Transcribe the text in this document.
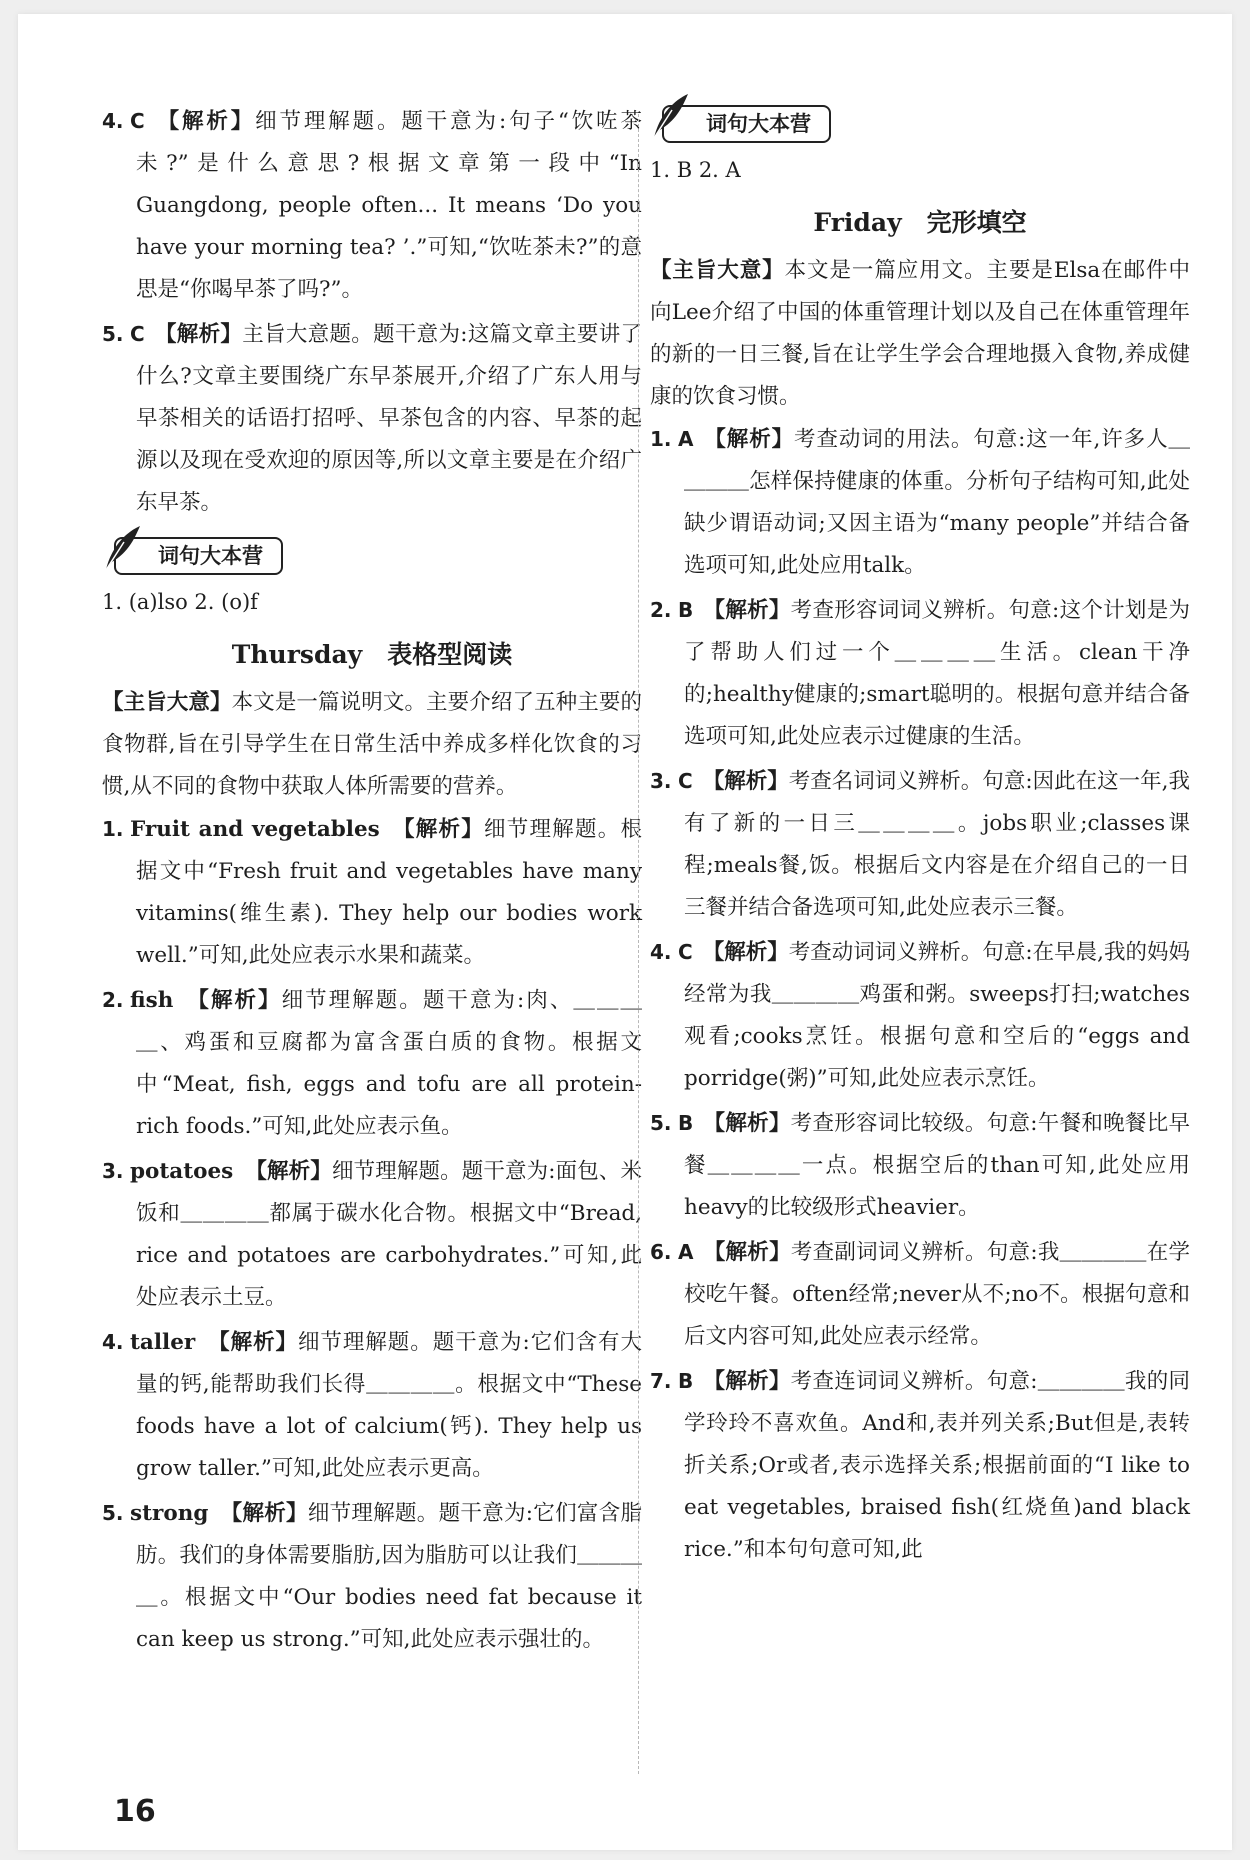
4. C 【解析】细节理解题。题干意为:句子“饮咗茶未?”是什么意思?根据文章第一段中“In Guangdong, people often... It means ‘Do you have your morning tea? ’.”可知,“饮咗茶未?”的意思是“你喝早茶了吗?”。

5. C 【解析】主旨大意题。题干意为:这篇文章主要讲了什么?文章主要围绕广东早茶展开,介绍了广东人用与早茶相关的话语打招呼、早茶包含的内容、早茶的起源以及现在受欢迎的原因等,所以文章主要是在介绍广东早茶。

词句大本营
1. (a)lso 2. (o)f
Thursday　表格型阅读

【主旨大意】本文是一篇说明文。主要介绍了五种主要的食物群,旨在引导学生在日常生活中养成多样化饮食的习惯,从不同的食物中获取人体所需要的营养。

1. Fruit and vegetables 【解析】细节理解题。根据文中“Fresh fruit and vegetables have many vitamins(维生素). They help our bodies work well.”可知,此处应表示水果和蔬菜。

2. fish 【解析】细节理解题。题干意为:肉、＿＿＿＿、鸡蛋和豆腐都为富含蛋白质的食物。根据文中“Meat, fish, eggs and tofu are all protein-rich foods.”可知,此处应表示鱼。

3. potatoes 【解析】细节理解题。题干意为:面包、米饭和＿＿＿＿都属于碳水化合物。根据文中“Bread, rice and potatoes are carbohydrates.”可知,此处应表示土豆。

4. taller 【解析】细节理解题。题干意为:它们含有大量的钙,能帮助我们长得＿＿＿＿。根据文中“These foods have a lot of calcium(钙). They help us grow taller.”可知,此处应表示更高。

5. strong 【解析】细节理解题。题干意为:它们富含脂肪。我们的身体需要脂肪,因为脂肪可以让我们＿＿＿＿。根据文中“Our bodies need fat because it can keep us strong.”可知,此处应表示强壮的。

词句大本营
1. B 2. A
Friday　完形填空

【主旨大意】本文是一篇应用文。主要是Elsa在邮件中向Lee介绍了中国的体重管理计划以及自己在体重管理年的新的一日三餐,旨在让学生学会合理地摄入食物,养成健康的饮食习惯。

1. A 【解析】考查动词的用法。句意:这一年,许多人＿＿＿＿怎样保持健康的体重。分析句子结构可知,此处缺少谓语动词;又因主语为“many people”并结合备选项可知,此处应用talk。

2. B 【解析】考查形容词词义辨析。句意:这个计划是为了帮助人们过一个＿＿＿＿生活。clean干净的;healthy健康的;smart聪明的。根据句意并结合备选项可知,此处应表示过健康的生活。

3. C 【解析】考查名词词义辨析。句意:因此在这一年,我有了新的一日三＿＿＿＿。jobs职业;classes课程;meals餐,饭。根据后文内容是在介绍自己的一日三餐并结合备选项可知,此处应表示三餐。

4. C 【解析】考查动词词义辨析。句意:在早晨,我的妈妈经常为我＿＿＿＿鸡蛋和粥。sweeps打扫;watches观看;cooks烹饪。根据句意和空后的“eggs and porridge(粥)”可知,此处应表示烹饪。

5. B 【解析】考查形容词比较级。句意:午餐和晚餐比早餐＿＿＿＿一点。根据空后的than可知,此处应用heavy的比较级形式heavier。

6. A 【解析】考查副词词义辨析。句意:我＿＿＿＿在学校吃午餐。often经常;never从不;no不。根据句意和后文内容可知,此处应表示经常。

7. B 【解析】考查连词词义辨析。句意:＿＿＿＿我的同学玲玲不喜欢鱼。And和,表并列关系;But但是,表转折关系;Or或者,表示选择关系;根据前面的“I like to eat vegetables, braised fish(红烧鱼)and black rice.”和本句句意可知,此

16
